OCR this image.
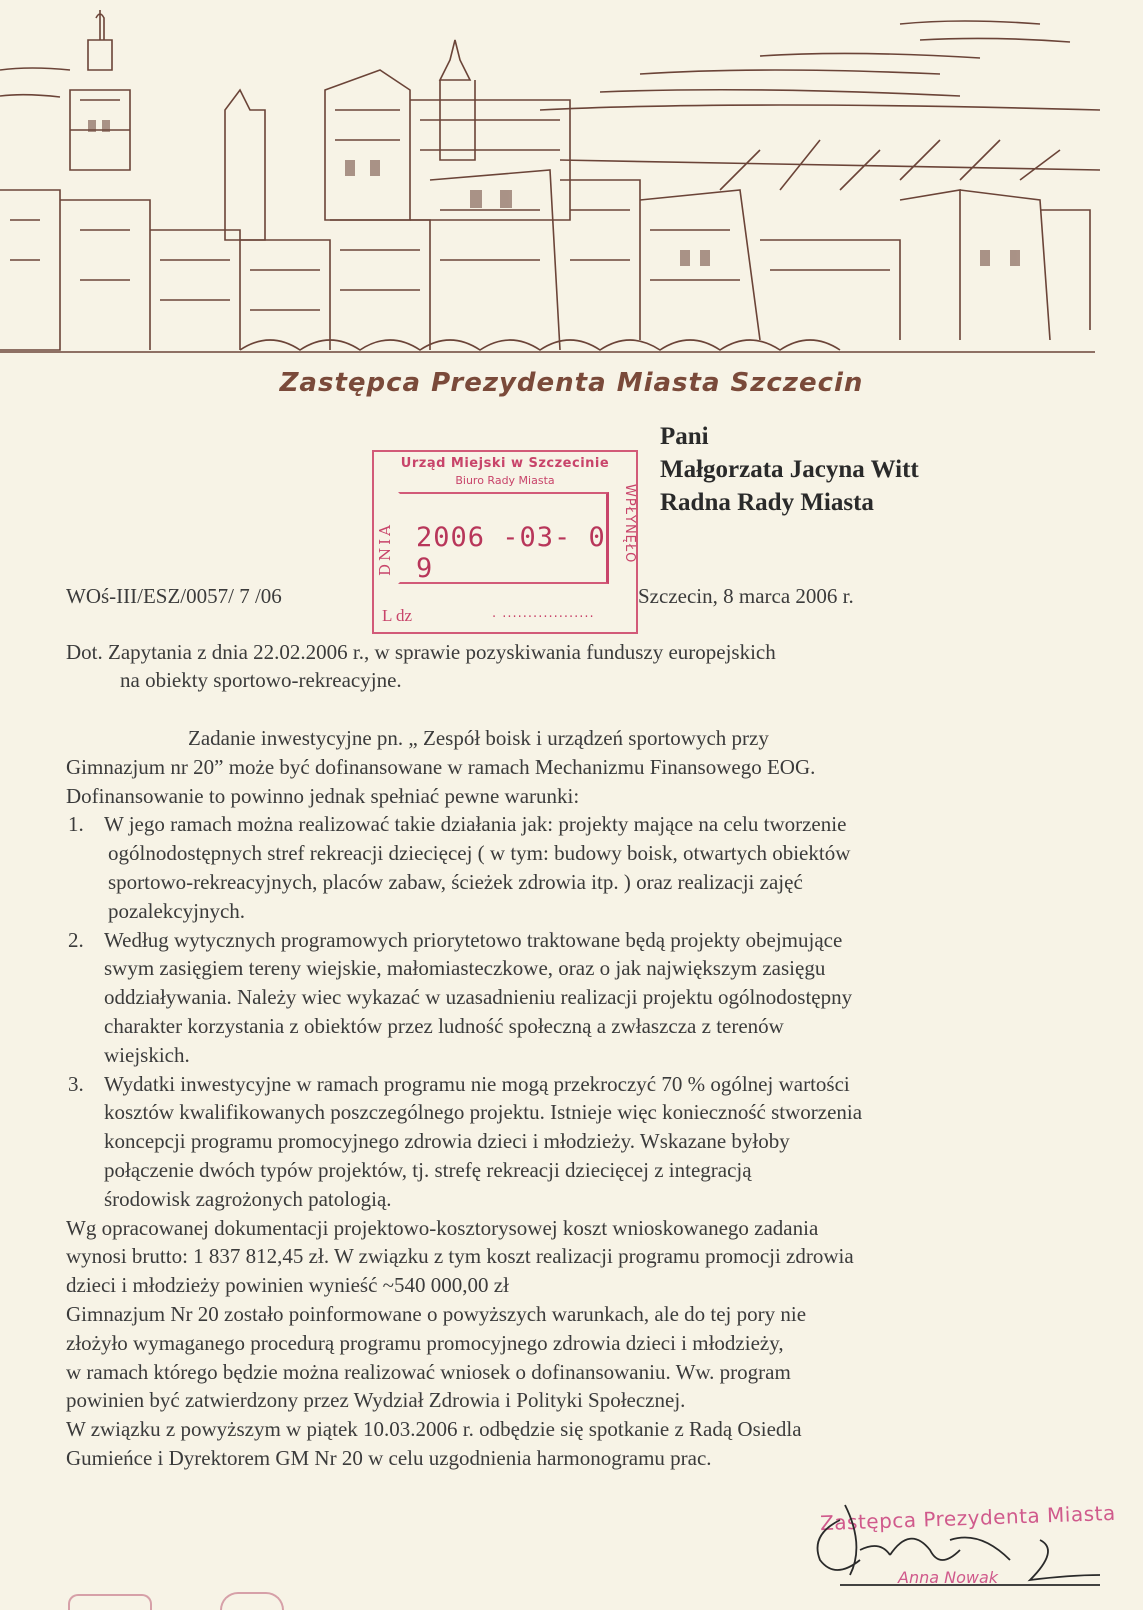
Zastępca Prezydenta Miasta Szczecin
Pani
Małgorzata Jacyna Witt
Radna Rady Miasta
Urząd Miejski w Szczecinie
Biuro Rady Miasta
2006 -03- 0 9
DNIA	WPŁYNĘŁO
L dz	. ..................
WOś-III/ESZ/0057/ 7 /06	Szczecin, 8 marca 2006 r.
Dot. Zapytania z dnia 22.02.2006 r., w sprawie pozyskiwania funduszy europejskich
na obiekty sportowo-rekreacyjne.

Zadanie inwestycyjne pn. „ Zespół boisk i urządzeń sportowych przy

Gimnazjum nr 20” może być dofinansowane w ramach Mechanizmu Finansowego EOG.

Dofinansowanie to powinno jednak spełniać pewne warunki:

1. W jego ramach można realizować takie działania jak: projekty mające na celu tworzenie

ogólnodostępnych stref rekreacji dziecięcej ( w tym: budowy boisk, otwartych obiektów

sportowo-rekreacyjnych, placów zabaw, ścieżek zdrowia itp. ) oraz realizacji zajęć

pozalekcyjnych.

2. Według wytycznych programowych priorytetowo traktowane będą projekty obejmujące

swym zasięgiem tereny wiejskie, małomiasteczkowe, oraz o jak największym zasięgu

oddziaływania. Należy wiec wykazać w uzasadnieniu realizacji projektu ogólnodostępny

charakter korzystania z obiektów przez ludność społeczną a zwłaszcza z terenów

wiejskich.

3. Wydatki inwestycyjne w ramach programu nie mogą przekroczyć 70 % ogólnej wartości

kosztów kwalifikowanych poszczególnego projektu. Istnieje więc konieczność stworzenia

koncepcji programu promocyjnego zdrowia dzieci i młodzieży. Wskazane byłoby

połączenie dwóch typów projektów, tj. strefę rekreacji dziecięcej z integracją

środowisk zagrożonych patologią.

Wg opracowanej dokumentacji projektowo-kosztorysowej koszt wnioskowanego zadania

wynosi brutto: 1 837 812,45 zł. W związku z tym koszt realizacji programu promocji zdrowia

dzieci i młodzieży powinien wynieść ~540 000,00 zł

Gimnazjum Nr 20 zostało poinformowane o powyższych warunkach, ale do tej pory nie

złożyło wymaganego procedurą programu promocyjnego zdrowia dzieci i młodzieży,

w ramach którego będzie można realizować wniosek o dofinansowaniu. Ww. program

powinien być zatwierdzony przez Wydział Zdrowia i Polityki Społecznej.

W związku z powyższym w piątek 10.03.2006 r. odbędzie się spotkanie z Radą Osiedla

Gumieńce i Dyrektorem GM Nr 20 w celu uzgodnienia harmonogramu prac.

Zastępca Prezydenta Miasta
Anna Nowak
